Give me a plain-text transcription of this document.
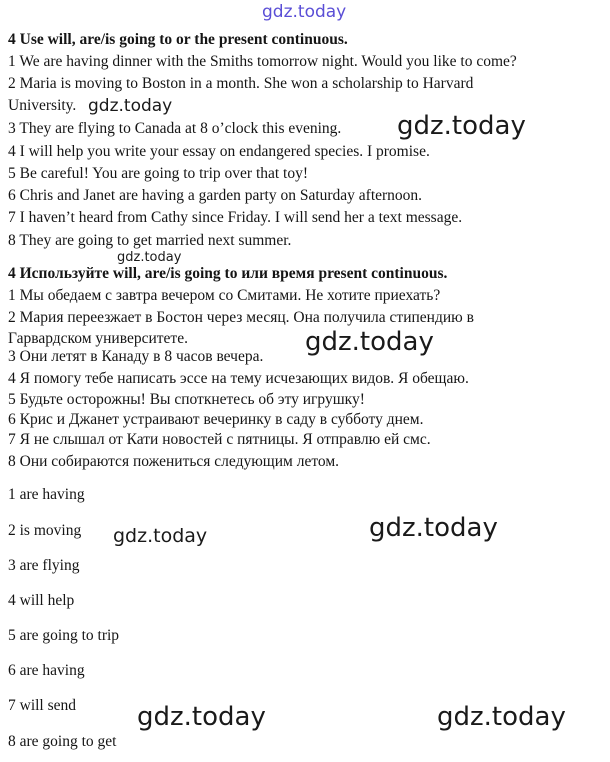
gdz.today
4 Use will, are/is going to or the present continuous.
1 We are having dinner with the Smiths tomorrow night. Would you like to come?
2 Maria is moving to Boston in a month. She won a scholarship to Harvard
University.
3 They are flying to Canada at 8 o’clock this evening.
4 I will help you write your essay on endangered species. I promise.
5 Be careful! You are going to trip over that toy!
6 Chris and Janet are having a garden party on Saturday afternoon.
7 I haven’t heard from Cathy since Friday. I will send her a text message.
8 They are going to get married next summer.
4 Используйте will, are/is going to или время present continuous.
1 Мы обедаем с завтра вечером со Смитами. Не хотите приехать?
2 Мария переезжает в Бостон через месяц. Она получила стипендию в
Гарвардском университете.
3 Они летят в Канаду в 8 часов вечера.
4 Я помогу тебе написать эссе на тему исчезающих видов. Я обещаю.
5 Будьте осторожны! Вы споткнетесь об эту игрушку!
6 Крис и Джанет устраивают вечеринку в саду в субботу днем.
7 Я не слышал от Кати новостей с пятницы. Я отправлю ей смс.
8 Они собираются пожениться следующим летом.
1 are having
2 is moving
3 are flying
4 will help
5 are going to trip
6 are having
7 will send
8 are going to get
gdz.today
gdz.today
gdz.today
gdz.today
gdz.today	gdz.today
gdz.today	gdz.today
